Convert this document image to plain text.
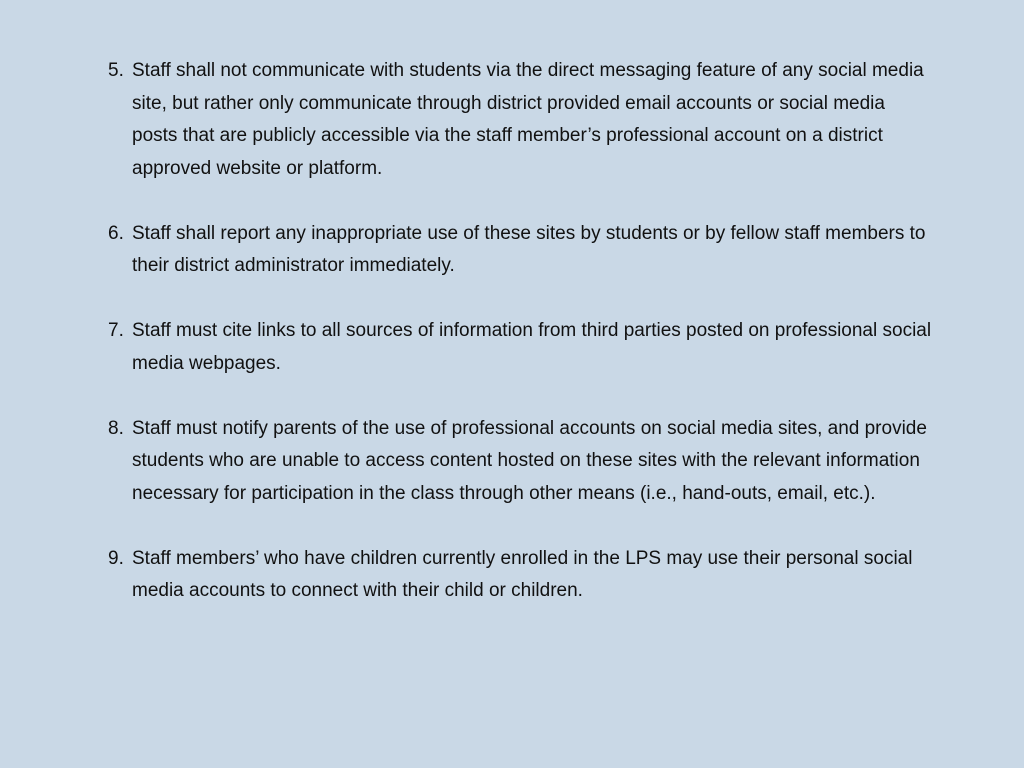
5. Staff shall not communicate with students via the direct messaging feature of any social media site, but rather only communicate through district provided email accounts or social media posts that are publicly accessible via the staff member’s professional account on a district approved website or platform.
6. Staff shall report any inappropriate use of these sites by students or by fellow staff members to their district administrator immediately.
7. Staff must cite links to all sources of information from third parties posted on professional social media webpages.
8. Staff must notify parents of the use of professional accounts on social media sites, and provide students who are unable to access content hosted on these sites with the relevant information necessary for participation in the class through other means (i.e., hand-outs, email, etc.).
9. Staff members’ who have children currently enrolled in the LPS may use their personal social media accounts to connect with their child or children.
